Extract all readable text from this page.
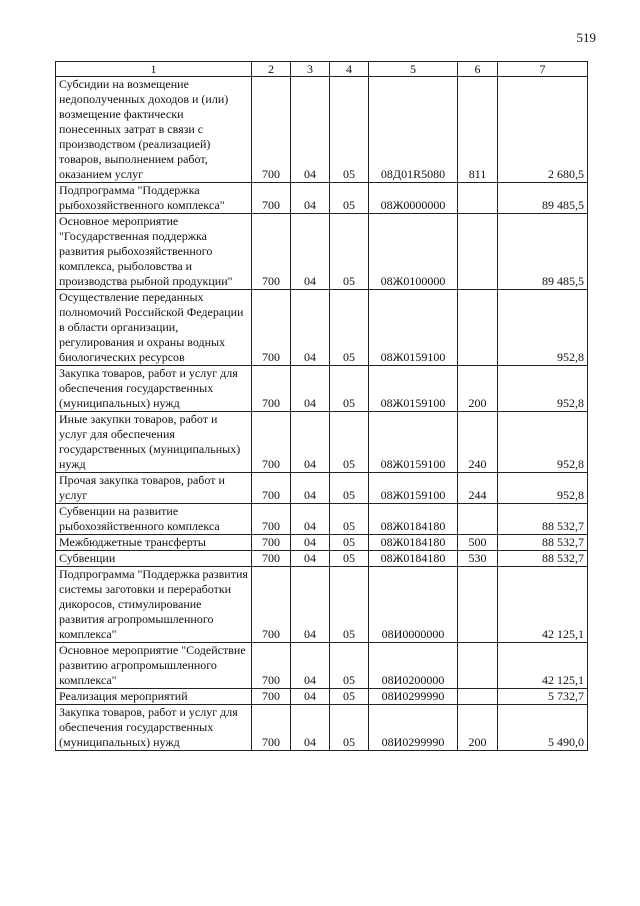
519
1	2	3	4	5	6	7
Субсидии на возмещение недополученных доходов и (или) возмещение фактически понесенных затрат в связи с производством (реализацией) товаров, выполнением работ, оказанием услуг	700	04	05	08Д01R5080	811	2 680,5
Подпрограмма "Поддержка рыбохозяйственного комплекса"	700	04	05	08Ж0000000		89 485,5
Основное мероприятие "Государственная поддержка развития рыбохозяйственного комплекса, рыболовства и производства рыбной продукции"	700	04	05	08Ж0100000		89 485,5
Осуществление переданных полномочий Российской Федерации в области организации, регулирования и охраны водных биологических ресурсов	700	04	05	08Ж0159100		952,8
Закупка товаров, работ и услуг для обеспечения государственных (муниципальных) нужд	700	04	05	08Ж0159100	200	952,8
Иные закупки товаров, работ и услуг для обеспечения государственных (муниципальных) нужд	700	04	05	08Ж0159100	240	952,8
Прочая закупка товаров, работ и услуг	700	04	05	08Ж0159100	244	952,8
Субвенции на развитие рыбохозяйственного комплекса	700	04	05	08Ж0184180		88 532,7
Межбюджетные трансферты	700	04	05	08Ж0184180	500	88 532,7
Субвенции	700	04	05	08Ж0184180	530	88 532,7
Подпрограмма "Поддержка развития системы заготовки и переработки дикоросов, стимулирование развития агропромышленного комплекса"	700	04	05	08И0000000		42 125,1
Основное мероприятие "Содействие развитию агропромышленного комплекса"	700	04	05	08И0200000		42 125,1
Реализация мероприятий	700	04	05	08И0299990		5 732,7
Закупка товаров, работ и услуг для обеспечения государственных (муниципальных) нужд	700	04	05	08И0299990	200	5 490,0
